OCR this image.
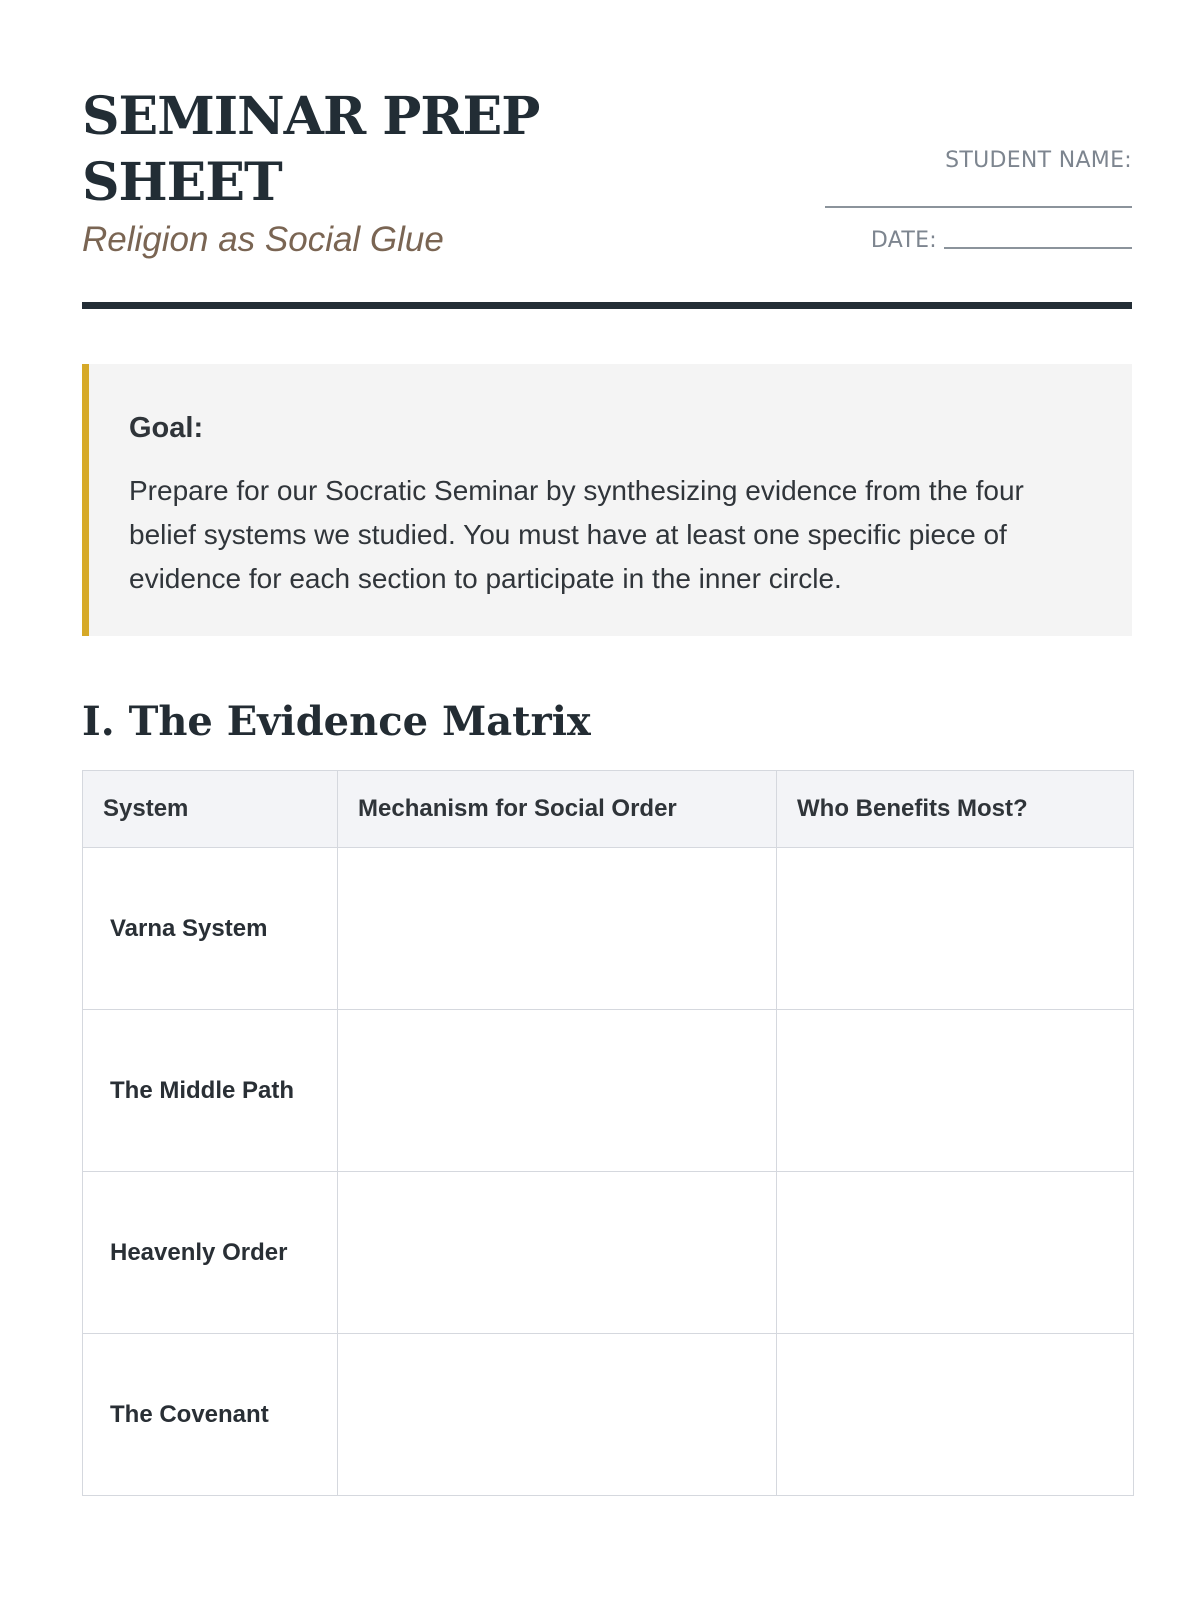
SEMINAR PREP
SHEET
Religion as Social Glue
STUDENT NAME:
DATE:
Goal:

Prepare for our Socratic Seminar by synthesizing evidence from the four belief systems we studied. You must have at least one specific piece of evidence for each section to participate in the inner circle.

I. The Evidence Matrix
System	Mechanism for Social Order	Who Benefits Most?
Varna System		
The Middle Path		
Heavenly Order		
The Covenant		
